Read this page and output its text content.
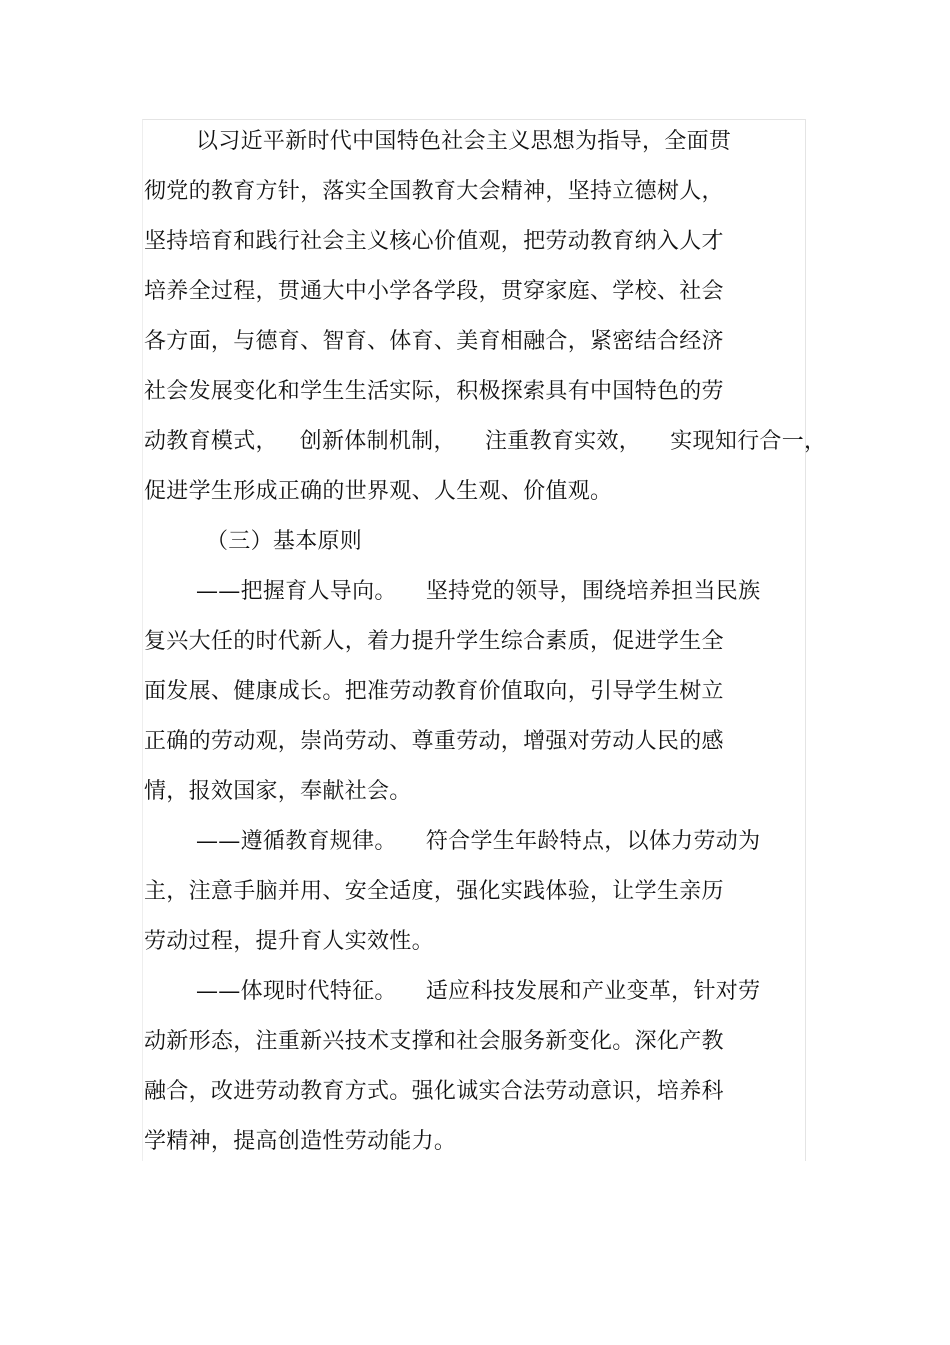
以习近平新时代中国特色社会主义思想为指导，全面贯
彻党的教育方针，落实全国教育大会精神，坚持立德树人，
坚持培育和践行社会主义核心价值观，把劳动教育纳入人才
培养全过程，贯通大中小学各学段，贯穿家庭、学校、社会
各方面，与德育、智育、体育、美育相融合，紧密结合经济
社会发展变化和学生生活实际，积极探索具有中国特色的劳
动教育模式，   创新体制机制，    注重教育实效，    实现知行合一，
促进学生形成正确的世界观、人生观、价值观。
（三）基本原则
——把握育人导向。    坚持党的领导，围绕培养担当民族
复兴大任的时代新人，着力提升学生综合素质，促进学生全
面发展、健康成长。把准劳动教育价值取向，引导学生树立
正确的劳动观，崇尚劳动、尊重劳动，增强对劳动人民的感
情，报效国家，奉献社会。
——遵循教育规律。    符合学生年龄特点，以体力劳动为
主，注意手脑并用、安全适度，强化实践体验，让学生亲历
劳动过程，提升育人实效性。
——体现时代特征。    适应科技发展和产业变革，针对劳
动新形态，注重新兴技术支撑和社会服务新变化。深化产教
融合，改进劳动教育方式。强化诚实合法劳动意识，培养科
学精神，提高创造性劳动能力。
